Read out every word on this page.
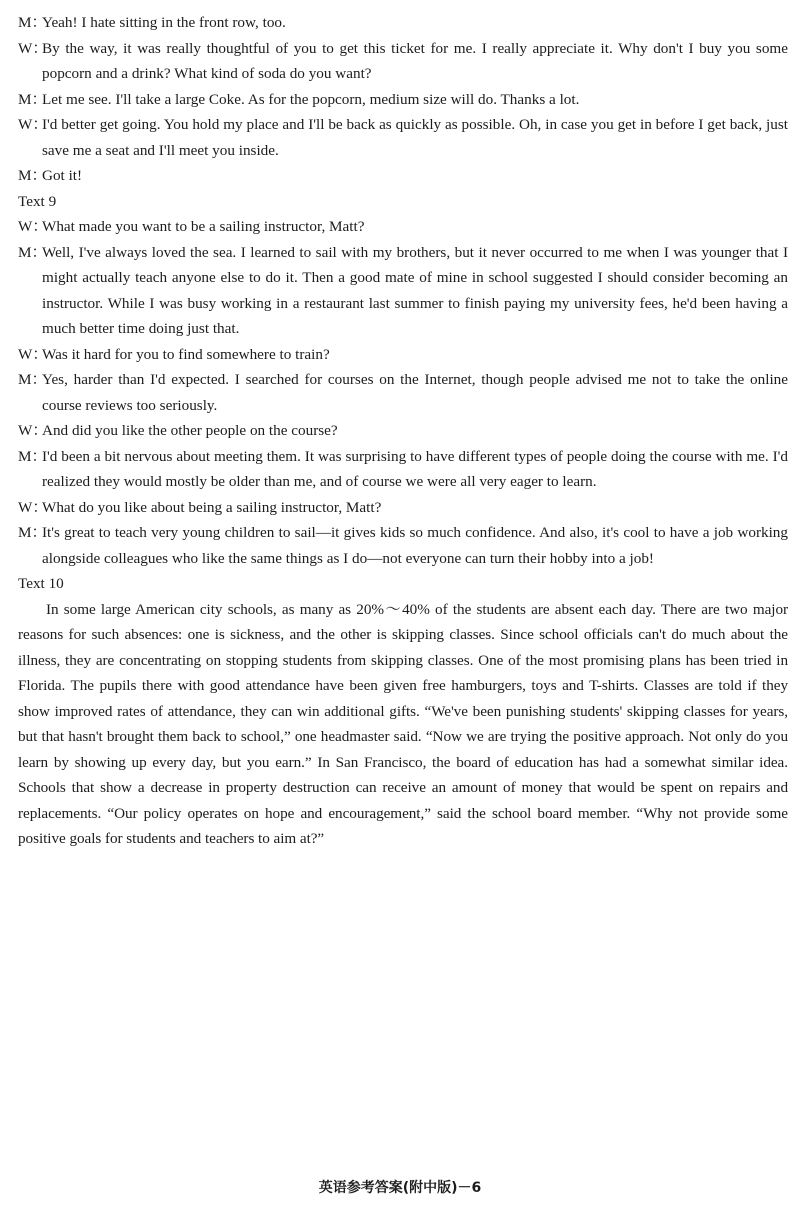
M：
Yeah! I hate sitting in the front row, too.
W：
By the way, it was really thoughtful of you to get this ticket for me. I really appreciate it. Why don't I buy you some popcorn and a drink? What kind of soda do you want?
M：
Let me see. I'll take a large Coke. As for the popcorn, medium size will do. Thanks a lot.
W：
I'd better get going. You hold my place and I'll be back as quickly as possible. Oh, in case you get in before I get back, just save me a seat and I'll meet you inside.
M：
Got it!
Text 9
W：
What made you want to be a sailing instructor, Matt?
M：
Well, I've always loved the sea. I learned to sail with my brothers, but it never occurred to me when I was younger that I might actually teach anyone else to do it. Then a good mate of mine in school suggested I should consider becoming an instructor. While I was busy working in a restaurant last summer to finish paying my university fees, he'd been having a much better time doing just that.
W：
Was it hard for you to find somewhere to train?
M：
Yes, harder than I'd expected. I searched for courses on the Internet, though people advised me not to take the online course reviews too seriously.
W：
And did you like the other people on the course?
M：
I'd been a bit nervous about meeting them. It was surprising to have different types of people doing the course with me. I'd realized they would mostly be older than me, and of course we were all very eager to learn.
W：
What do you like about being a sailing instructor, Matt?
M：
It's great to teach very young children to sail—it gives kids so much confidence. And also, it's cool to have a job working alongside colleagues who like the same things as I do—not everyone can turn their hobby into a job!
Text 10
In some large American city schools, as many as 20%～40% of the students are absent each day. There are two major reasons for such absences: one is sickness, and the other is skipping classes. Since school officials can't do much about the illness, they are concentrating on stopping students from skipping classes. One of the most promising plans has been tried in Florida. The pupils there with good attendance have been given free hamburgers, toys and T-shirts. Classes are told if they show improved rates of attendance, they can win additional gifts. “We've been punishing students' skipping classes for years, but that hasn't brought them back to school,” one headmaster said. “Now we are trying the positive approach. Not only do you learn by showing up every day, but you earn.” In San Francisco, the board of education has had a somewhat similar idea. Schools that show a decrease in property destruction can receive an amount of money that would be spent on repairs and replacements. “Our policy operates on hope and encouragement,” said the school board member. “Why not provide some positive goals for students and teachers to aim at?”
英语参考答案(附中版)－6
